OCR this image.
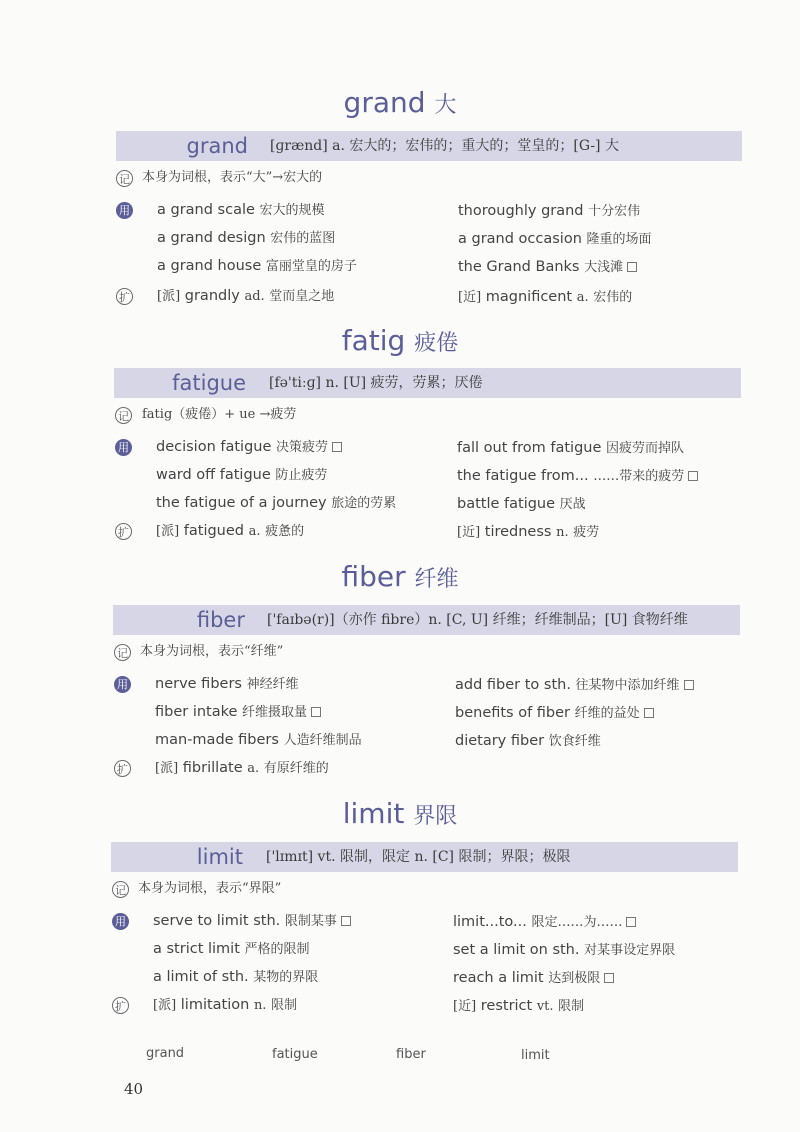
grand 大
grand [ɡrænd] a. 宏大的；宏伟的；重大的；堂皇的；[G-] 大
记 本身为词根，表示“大”→宏大的
用 a grand scale 宏大的规模	thoroughly grand 十分宏伟
a grand design 宏伟的蓝图	a grand occasion 隆重的场面
a grand house 富丽堂皇的房子	the Grand Banks 大浅滩
扩 [派] grandly ad. 堂而皇之地	[近] magnificent a. 宏伟的
fatig 疲倦
fatigue [fə'tiːɡ] n. [U] 疲劳，劳累；厌倦
记 fatig（疲倦）+ ue →疲劳
用 decision fatigue 决策疲劳	fall out from fatigue 因疲劳而掉队
ward off fatigue 防止疲劳	the fatigue from... ……带来的疲劳
the fatigue of a journey 旅途的劳累	battle fatigue 厌战
扩 [派] fatigued a. 疲惫的	[近] tiredness n. 疲劳
fiber 纤维
fiber ['faɪbə(r)]（亦作 fibre）n. [C, U] 纤维；纤维制品；[U] 食物纤维
记 本身为词根，表示“纤维”
用 nerve fibers 神经纤维	add fiber to sth. 往某物中添加纤维
fiber intake 纤维摄取量	benefits of fiber 纤维的益处
man-made fibers 人造纤维制品	dietary fiber 饮食纤维
扩 [派] fibrillate a. 有原纤维的
limit 界限
limit ['lɪmɪt] vt. 限制，限定 n. [C] 限制；界限；极限
记 本身为词根，表示“界限”
用 serve to limit sth. 限制某事	limit...to... 限定……为……
a strict limit 严格的限制	set a limit on sth. 对某事设定界限
a limit of sth. 某物的界限	reach a limit 达到极限
扩 [派] limitation n. 限制	[近] restrict vt. 限制
grand	fatigue	fiber	limit
40
